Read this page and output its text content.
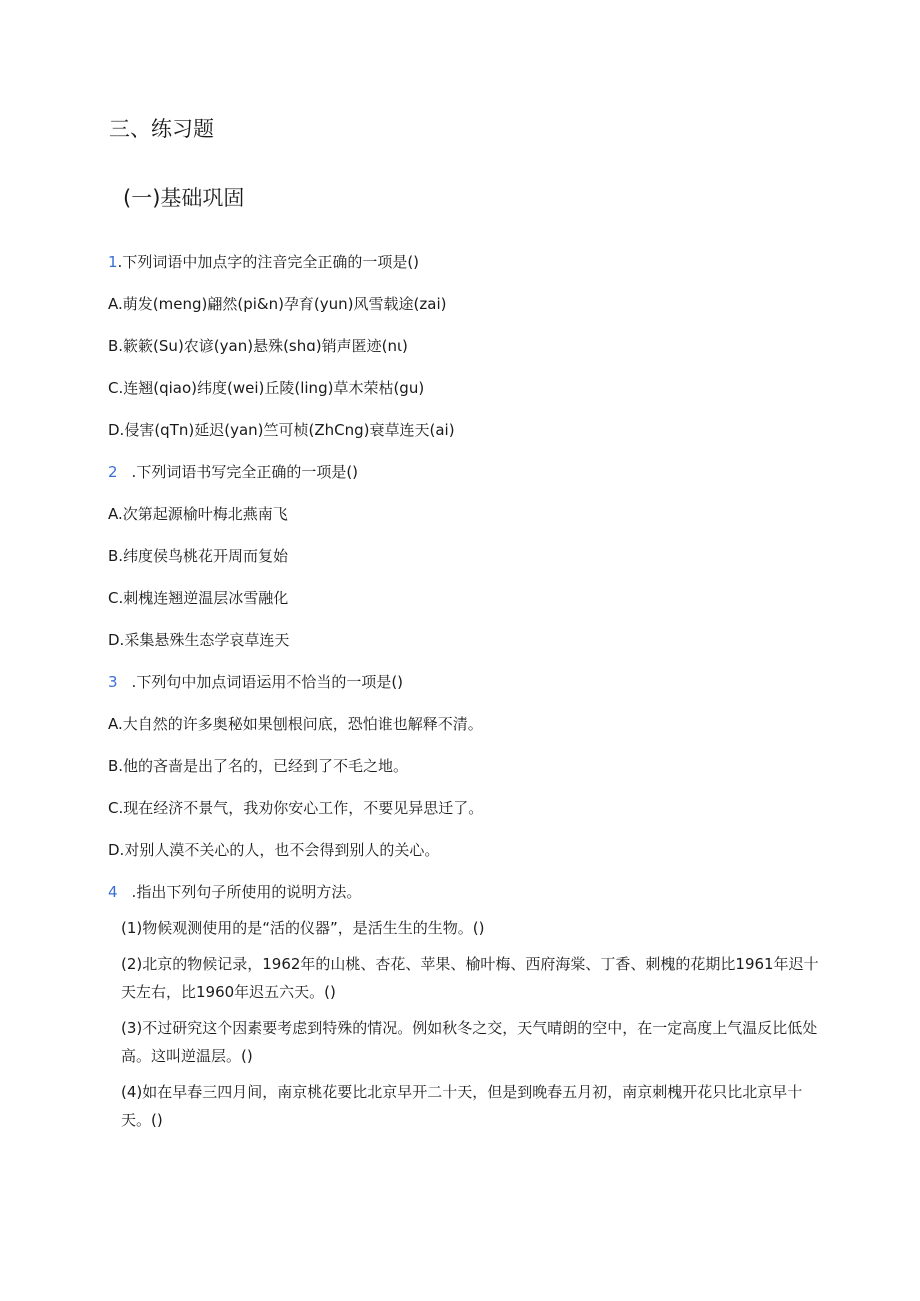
三、练习题
(一)基础巩固
1.下列词语中加点字的注音完全正确的一项是()
A.萌发(meng)翩然(pi&n)孕育(yun)风雪载途(zai)
B.簌簌(Su)农谚(yan)悬殊(shɑ)销声匿迹(nι)
C.连翘(qiao)纬度(wei)丘陵(ling)草木荣枯(gu)
D.侵害(qTn)延迟(yan)竺可桢(ZhCng)衰草连天(ai)
2 .下列词语书写完全正确的一项是()
A.次第起源榆叶梅北燕南飞
B.纬度侯鸟桃花开周而复始
C.刺槐连翘逆温层冰雪融化
D.采集悬殊生态学哀草连天
3 .下列句中加点词语运用不恰当的一项是()
A.大自然的许多奥秘如果刨根问底，恐怕谁也解释不清。
B.他的吝啬是出了名的，已经到了不毛之地。
C.现在经济不景气，我劝你安心工作，不要见异思迁了。
D.对别人漠不关心的人，也不会得到别人的关心。
4 .指出下列句子所使用的说明方法。
(1)物候观测使用的是“活的仪器”，是活生生的生物。()
(2)北京的物候记录，1962年的山桃、杏花、苹果、榆叶梅、西府海棠、丁香、刺槐的花期比1961年迟十天左右，比1960年迟五六天。()
(3)不过研究这个因素要考虑到特殊的情况。例如秋冬之交，天气晴朗的空中，在一定高度上气温反比低处高。这叫逆温层。()
(4)如在早春三四月间，南京桃花要比北京早开二十天，但是到晚春五月初，南京刺槐开花只比北京早十天。()
